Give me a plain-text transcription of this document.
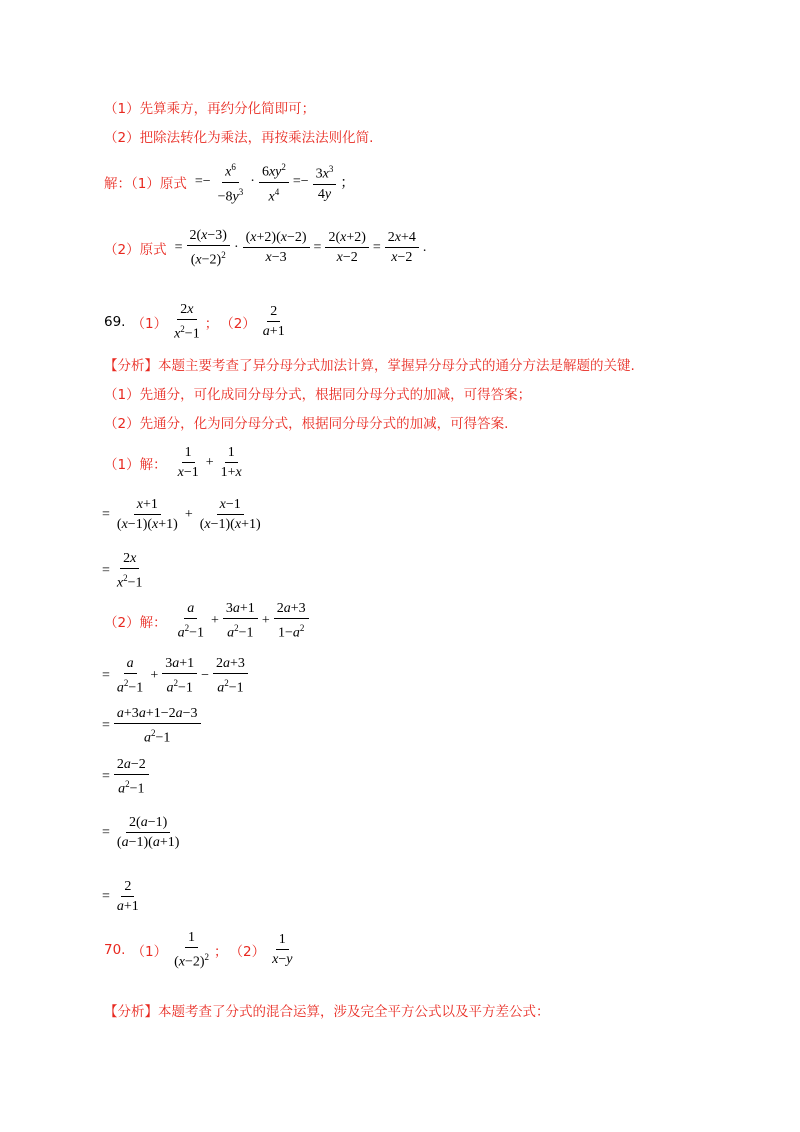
（1）先算乘方，再约分化简即可；
（2）把除法转化为乘法，再按乘法法则化简.
解：（1）原式 =− $\frac{x^6}{-8y^3} \cdot \frac{6xy^2}{x^4} =- \frac{3x^3}{4y}$ ；
（2）原式 = $\frac{2(x-3)}{(x-2)^2} \cdot \frac{(x+2)(x-2)}{x-3} = \frac{2(x+2)}{x-2} = \frac{2x+4}{x-2}$ .
69. $(1) \frac{2x}{x^2-1}$ ； $(2) \frac{2}{a+1}$
【分析】本题主要考查了异分母分式加法计算，掌握异分母分式的通分方法是解题的关键.
（1）先通分，可化成同分母分式，根据同分母分式的加减，可得答案；
（2）先通分，化为同分母分式，根据同分母分式的加减，可得答案.
（1）解： $\frac{1}{x-1} + \frac{1}{1+x}$
= $\frac{x+1}{(x-1)(x+1)} + \frac{x-1}{(x-1)(x+1)}$
= $\frac{2x}{x^2-1}$
（2）解： $\frac{a}{a^2-1} + \frac{3a+1}{a^2-1} + \frac{2a+3}{1-a^2}$
= $\frac{a}{a^2-1} + \frac{3a+1}{a^2-1} - \frac{2a+3}{a^2-1}$
= $\frac{a+3a+1-2a-3}{a^2-1}$
= $\frac{2a-2}{a^2-1}$
= $\frac{2(a-1)}{(a-1)(a+1)}$
= $\frac{2}{a+1}$
70. $(1) \frac{1}{(x-2)^2}$ ； $(2) \frac{1}{x-y}$
【分析】本题考查了分式的混合运算，涉及完全平方公式以及平方差公式：
